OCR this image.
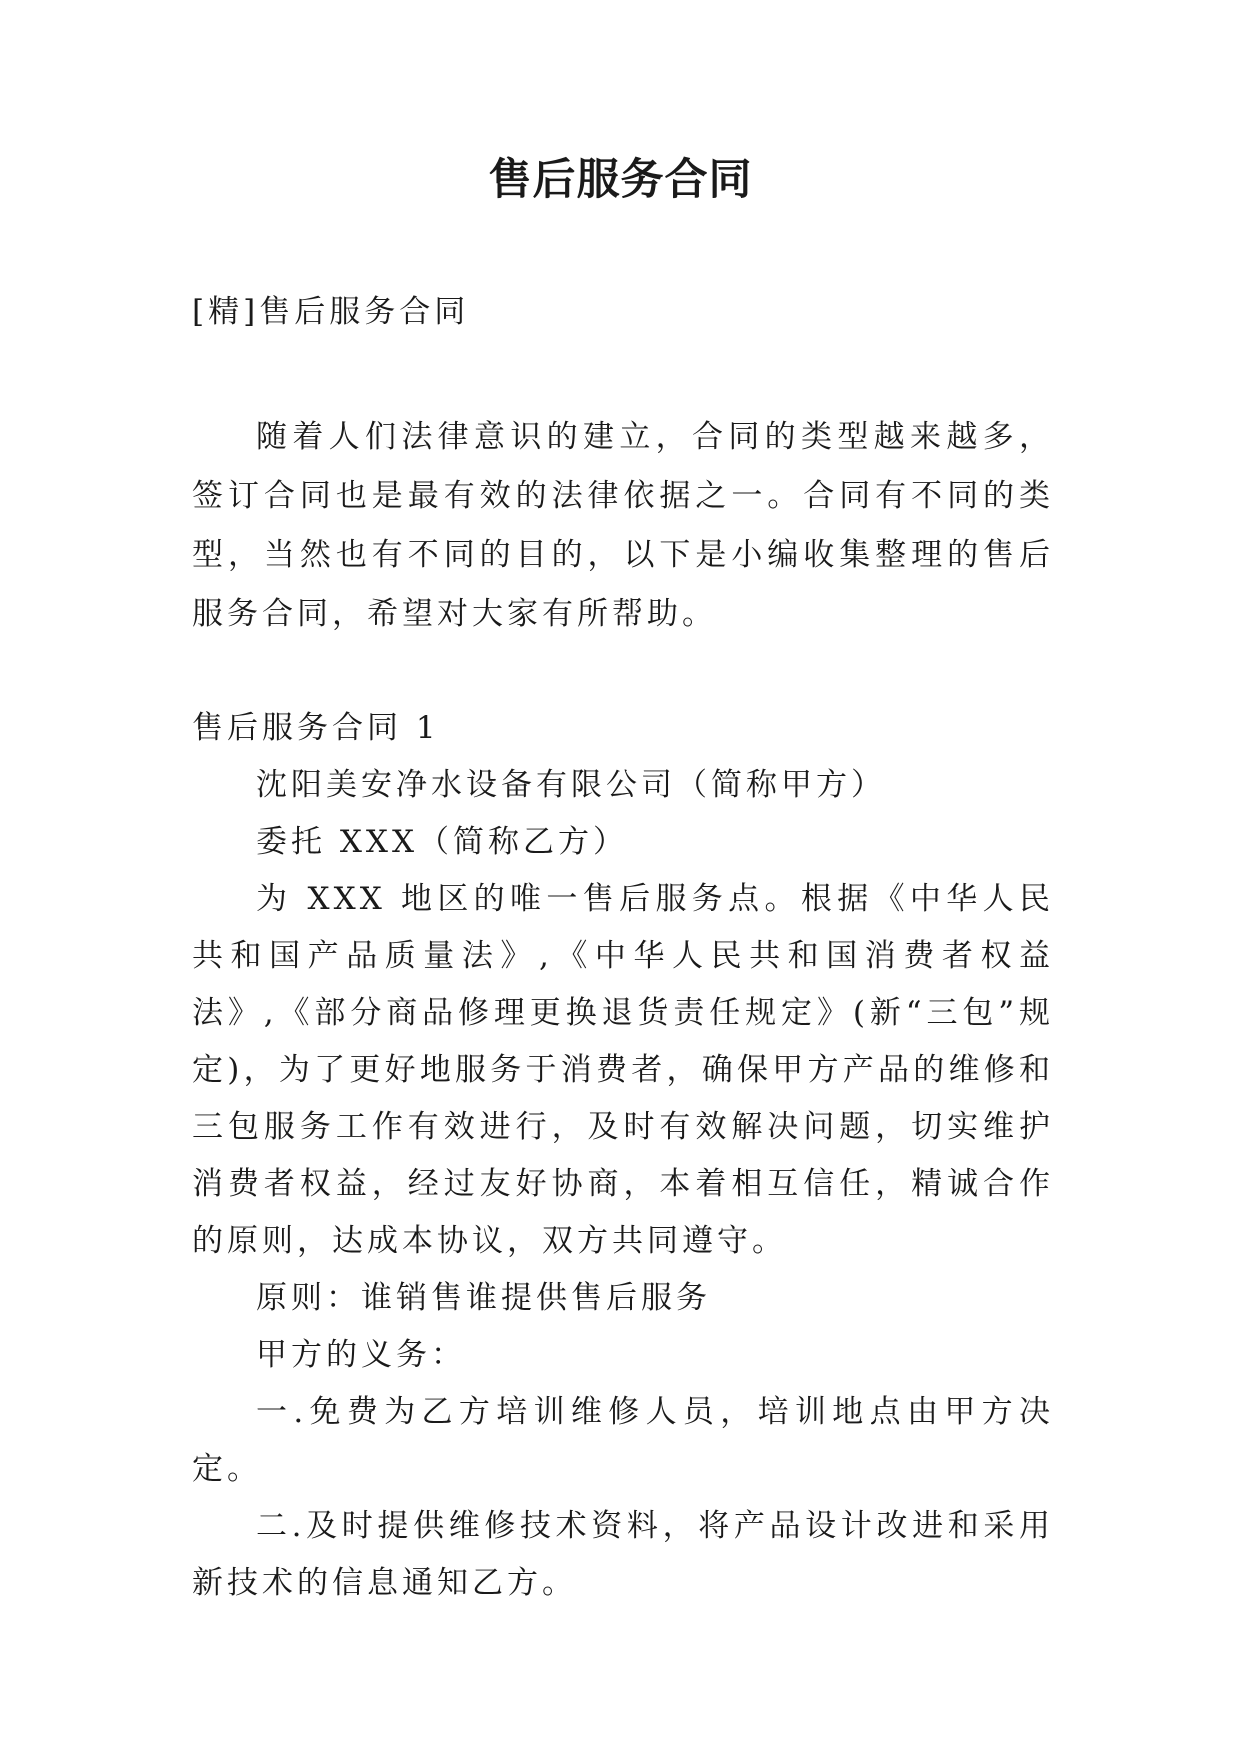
售后服务合同

[精]售后服务合同

随着人们法律意识的建立，合同的类型越来越多，签订合同也是最有效的法律依据之一。合同有不同的类型，当然也有不同的目的，以下是小编收集整理的售后服务合同，希望对大家有所帮助。

售后服务合同 1

沈阳美安净水设备有限公司（简称甲方）

委托 XXX（简称乙方）

为 XXX 地区的唯一售后服务点。根据《中华人民共和国产品质量法》,《中华人民共和国消费者权益法》,《部分商品修理更换退货责任规定》(新“三包”规定)，为了更好地服务于消费者，确保甲方产品的维修和三包服务工作有效进行，及时有效解决问题，切实维护消费者权益，经过友好协商，本着相互信任，精诚合作的原则，达成本协议，双方共同遵守。

原则：谁销售谁提供售后服务

甲方的义务：

一.免费为乙方培训维修人员，培训地点由甲方决定。

二.及时提供维修技术资料，将产品设计改进和采用新技术的信息通知乙方。
